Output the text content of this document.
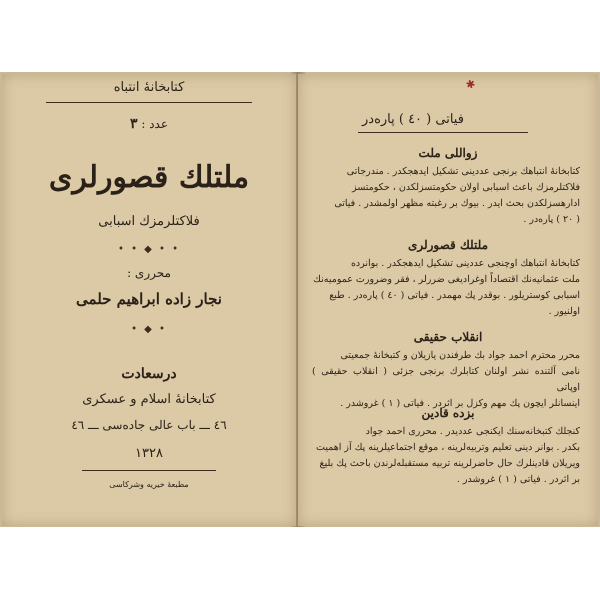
كتابخانهٔ انتباه
عدد : ٣
ملتلك قصورلرى
فلاكتلرمزك اسبابى
• • ◆ • •
محررى :
نجار زاده ابراهيم حلمى
• ◆ •
درسعادت
كتابخانهٔ اسلام و عسكرى
٤٦ ـــ باب عالى جاده‌سى ـــ ٤٦
١٣٢٨
مطبعهٔ خيريه وشركاسى
✱
فياتى ( ٤٠ ) پاره‌در
زواللى ملت

كتابخانهٔ انتباهك برنجى عددينى تشكيل ايدهجكدر . مندرجاتى

فلاكتلرمزك باعث اسبابى اولان حكومتسزلكدن ، حكومتسز

ادارهسزلكدن بحث ايدر . بيوك بر رغبته مظهر اولمشدر . فياتى

( ٢٠ ) پاره‌در .

ملتلك قصورلرى

كتابخانهٔ انتباهك اوچنجى عددينى تشكيل ايدهجكدر . بوانرده

ملت عثمانيه‌نك اقتصاداً اوغراديغى ضررلر ، فقر وضرورت عموميه‌نك

اسبابى كوستريلور . بوقدر پك مهمدر . فياتى ( ٤٠ ) پاره‌در . طبع

اولنيور .

انقلاب حقيقى

محرر محترم احمد جواد بك طرفندن يازيلان و كتبخانهٔ جمعيتى

نامى آلتنده نشر اولنان كتابلرك برنجى جزئى ( انقلاب حقيقى ) اوپاتى

اينسانلر ايچون پك مهم وكزل بر اثردر . فياتى ( ١ ) غروشدر .

بزده قادين

كنجلك كتبخانه‌سنك ايكنجى عدديدر . محررى احمد جواد

بكدر . بوانر دينى تعليم وتربيه‌لرينه ، موقع اجتماعيلرينه پك آز اهميت

ويريلان قادينلرك حال حاضرلرينه تربيه مستقبله‌لرندن باحث پك بليغ

بر اثردر . فياتى ( ١ ) غروشدر .
